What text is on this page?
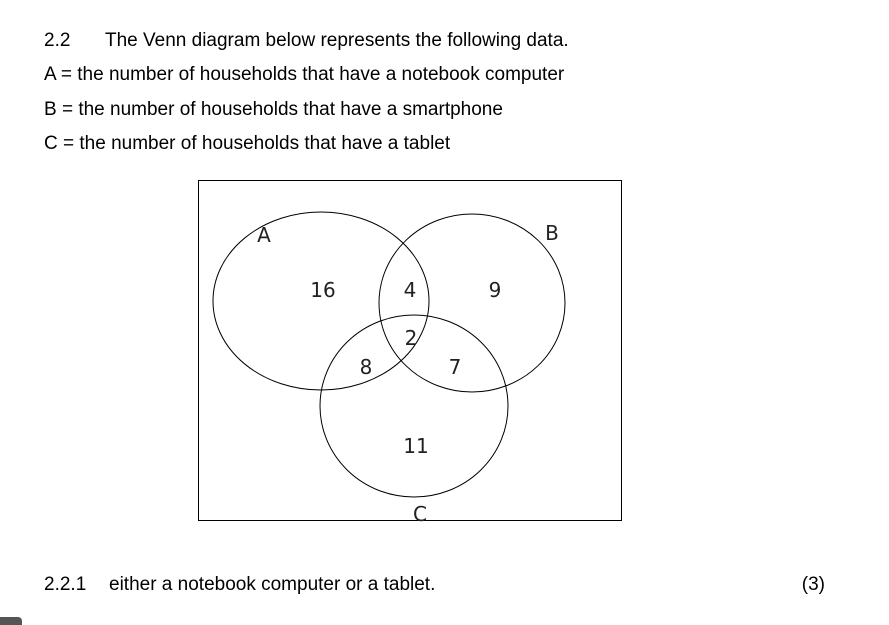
2.2 The Venn diagram below represents the following data.
A = the number of households that have a notebook computer
B = the number of households that have a smartphone
C = the number of households that have a tablet
A	B
C
16	4	9
2
8	7
11
2.2.1 either a notebook computer or a tablet.	(3)
